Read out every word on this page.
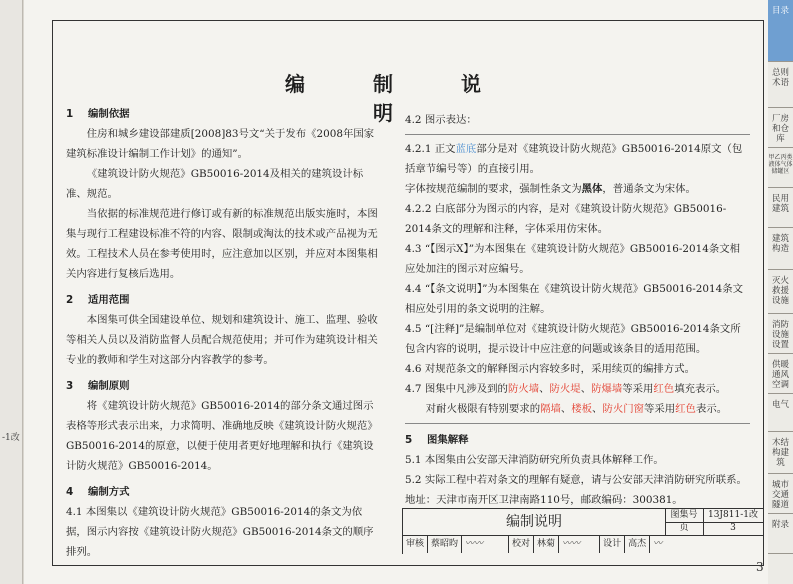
-1改
编　制　说　明

1 编制依据

住房和城乡建设部建质[2008]83号文“关于发布《2008年国家建筑标准设计编制工作计划》的通知”。

《建筑设计防火规范》GB50016-2014及相关的建筑设计标准、规范。

当依据的标准规范进行修订或有新的标准规范出版实施时，本图集与现行工程建设标准不符的内容、限制或淘汰的技术或产品视为无效。工程技术人员在参考使用时，应注意加以区别，并应对本图集相关内容进行复核后选用。

2 适用范围

本图集可供全国建设单位、规划和建筑设计、施工、监理、验收等相关人员以及消防监督人员配合规范使用；并可作为建筑设计相关专业的教师和学生对这部分内容教学的参考。

3 编制原则

将《建筑设计防火规范》GB50016-2014的部分条文通过图示表格等形式表示出来，力求简明、准确地反映《建筑设计防火规范》GB50016-2014的原意，以便于使用者更好地理解和执行《建筑设计防火规范》GB50016-2014。

4 编制方式

4.1 本图集以《建筑设计防火规范》GB50016-2014的条文为依据，图示内容按《建筑设计防火规范》GB50016-2014条文的顺序排列。

4.2 图示表达：

4.2.1 正文蓝底部分是对《建筑设计防火规范》GB50016-2014原文（包括章节编号等）的直接引用。

字体按规范编制的要求，强制性条文为黑体，普通条文为宋体。

4.2.2 白底部分为图示的内容，是对《建筑设计防火规范》GB50016-2014条文的理解和注释，字体采用仿宋体。

4.3 “【图示X】”为本图集在《建筑设计防火规范》GB50016-2014条文相应处加注的图示对应编号。

4.4 “【条文说明】”为本图集在《建筑设计防火规范》GB50016-2014条文相应处引用的条文说明的注解。

4.5 “[注释]”是编制单位对《建筑设计防火规范》GB50016-2014条文所包含内容的说明，提示设计中应注意的问题或该条目的适用范围。

4.6 对规范条文的解释图示内容较多时，采用续页的编排方式。

4.7 图集中凡涉及到的防火墙、防火堤、防爆墙等采用红色填充表示。

对耐火极限有特别要求的隔墙、楼板、防火门窗等采用红色表示。

5 图集解释

5.1 本图集由公安部天津消防研究所负责具体解释工作。

5.2 实际工程中若对条文的理解有疑意，请与公安部天津消防研究所联系。地址：天津市南开区卫津南路110号，邮政编码：300381。

编制说明	图集号	13J811-1改
页	3
审核 蔡昭昀 〰〰	校对 林菊 〰〰	设计 高杰 〰
目录
总则 术语
厂房 和仓库
甲乙丙类液体气体储罐区
民用建筑
建筑构造
灭火救援设施
消防设施设置
供暖通风空调
电气
木结构建筑
城市交通隧道
附录
3
